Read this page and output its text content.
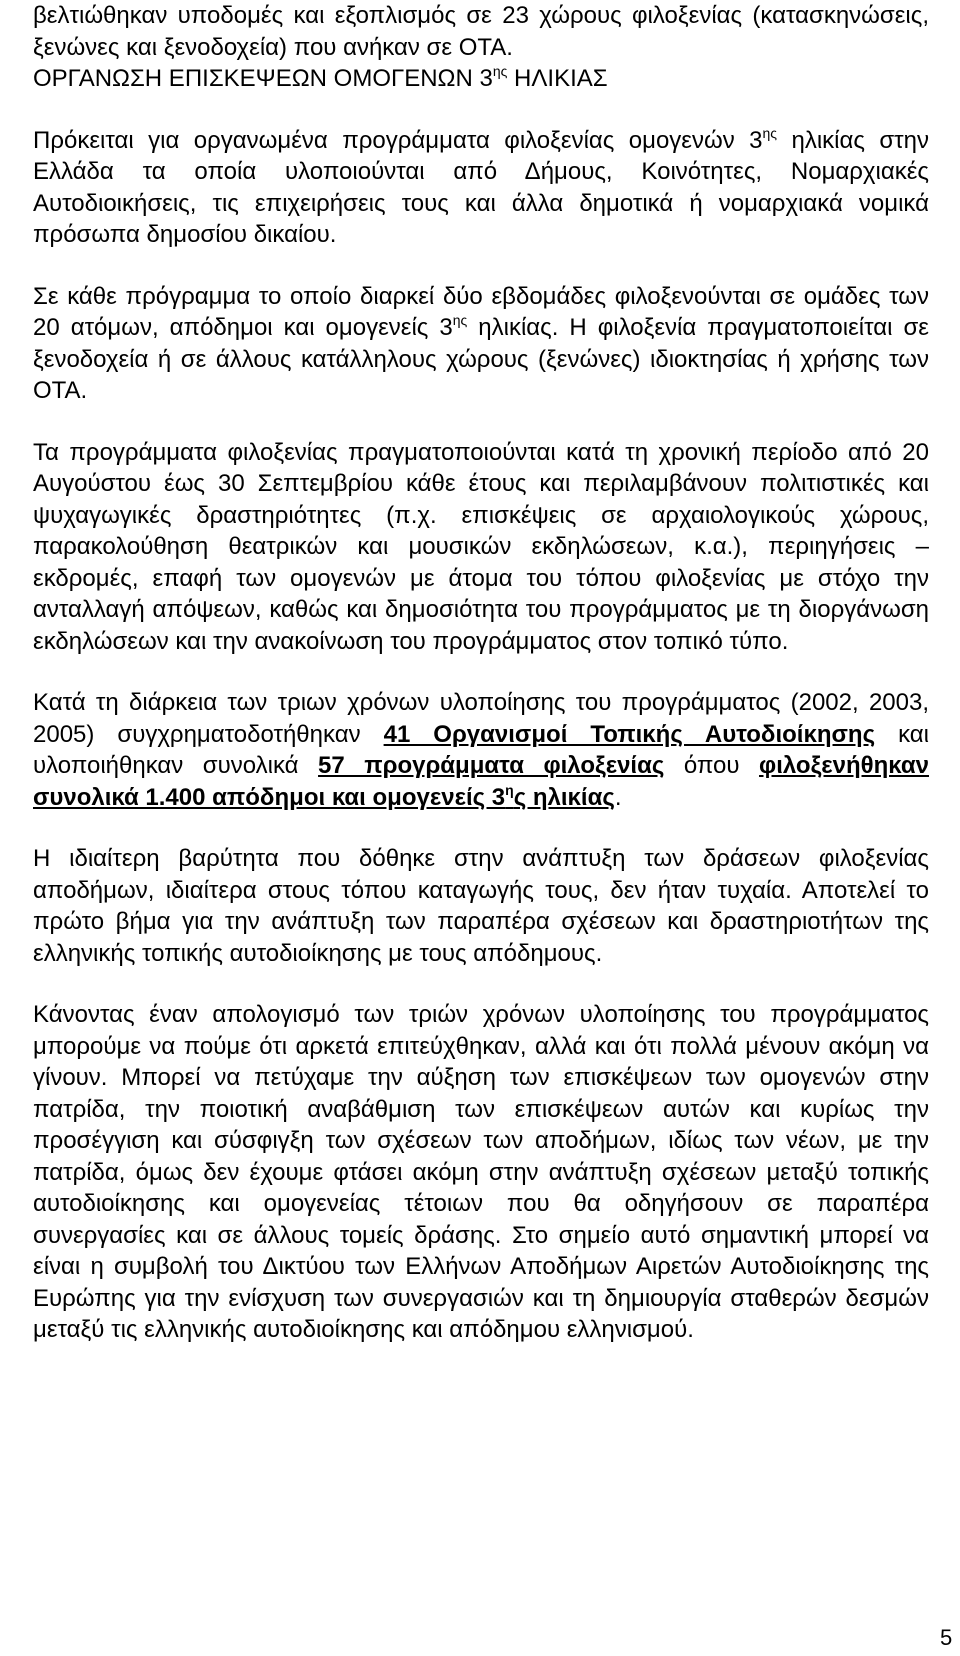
βελτιώθηκαν υποδομές και εξοπλισμός σε 23 χώρους φιλοξενίας (κατασκηνώσεις, ξενώνες και ξενοδοχεία) που ανήκαν σε ΟΤΑ.

ΟΡΓΑΝΩΣΗ ΕΠΙΣΚΕΨΕΩΝ ΟΜΟΓΕΝΩΝ $3^{\eta\varsigma}$ ΗΛΙΚΙΑΣ

Πρόκειται για οργανωμένα προγράμματα φιλοξενίας ομογενών $3^{\eta\varsigma}$ ηλικίας στην Ελλάδα τα οποία υλοποιούνται από Δήμους, Κοινότητες, Νομαρχιακές Αυτοδιοικήσεις, τις επιχειρήσεις τους και άλλα δημοτικά ή νομαρχιακά νομικά πρόσωπα δημοσίου δικαίου.

Σε κάθε πρόγραμμα το οποίο διαρκεί δύο εβδομάδες φιλοξενούνται σε ομάδες των 20 ατόμων, απόδημοι και ομογενείς $3^{\eta\varsigma}$ ηλικίας. Η φιλοξενία πραγματοποιείται σε ξενοδοχεία ή σε άλλους κατάλληλους χώρους (ξενώνες) ιδιοκτησίας ή χρήσης των ΟΤΑ.

Τα προγράμματα φιλοξενίας πραγματοποιούνται κατά τη χρονική περίοδο από 20 Αυγούστου έως 30 Σεπτεμβρίου κάθε έτους και περιλαμβάνουν πολιτιστικές και ψυχαγωγικές δραστηριότητες (π.χ. επισκέψεις σε αρχαιολογικούς χώρους, παρακολούθηση θεατρικών και μουσικών εκδηλώσεων, κ.α.), περιηγήσεις – εκδρομές, επαφή των ομογενών με άτομα του τόπου φιλοξενίας με στόχο την ανταλλαγή απόψεων, καθώς και δημοσιότητα του προγράμματος με τη διοργάνωση εκδηλώσεων και την ανακοίνωση του προγράμματος στον τοπικό τύπο.

Κατά τη διάρκεια των τριων χρόνων υλοποίησης του προγράμματος (2002, 2003, 2005) συγχρηματοδοτήθηκαν 41 Οργανισμοί Τοπικής Αυτοδιοίκησης και υλοποιήθηκαν συνολικά 57 προγράμματα φιλοξενίας όπου φιλοξενήθηκαν συνολικά 1.400 απόδημοι και ομογενείς $3^\eta\varsigma$ ηλικίας.

Η ιδιαίτερη βαρύτητα που δόθηκε στην ανάπτυξη των δράσεων φιλοξενίας αποδήμων, ιδιαίτερα στους τόπου καταγωγής τους, δεν ήταν τυχαία. Αποτελεί το πρώτο βήμα για την ανάπτυξη των παραπέρα σχέσεων και δραστηριοτήτων της ελληνικής τοπικής αυτοδιοίκησης με τους απόδημους.

Κάνοντας έναν απολογισμό των τριών χρόνων υλοποίησης του προγράμματος μπορούμε να πούμε ότι αρκετά επιτεύχθηκαν, αλλά και ότι πολλά μένουν ακόμη να γίνουν. Μπορεί να πετύχαμε την αύξηση των επισκέψεων των ομογενών στην πατρίδα, την ποιοτική αναβάθμιση των επισκέψεων αυτών και κυρίως την προσέγγιση και σύσφιγξη των σχέσεων των αποδήμων, ιδίως των νέων, με την πατρίδα, όμως δεν έχουμε φτάσει ακόμη στην ανάπτυξη σχέσεων μεταξύ τοπικής αυτοδιοίκησης και ομογενείας τέτοιων που θα οδηγήσουν σε παραπέρα συνεργασίες και σε άλλους τομείς δράσης. Στο σημείο αυτό σημαντική μπορεί να είναι η συμβολή του Δικτύου των Ελλήνων Αποδήμων Αιρετών Αυτοδιοίκησης της Ευρώπης για την ενίσχυση των συνεργασιών και τη δημιουργία σταθερών δεσμών μεταξύ τις ελληνικής αυτοδιοίκησης και απόδημου ελληνισμού.

5
